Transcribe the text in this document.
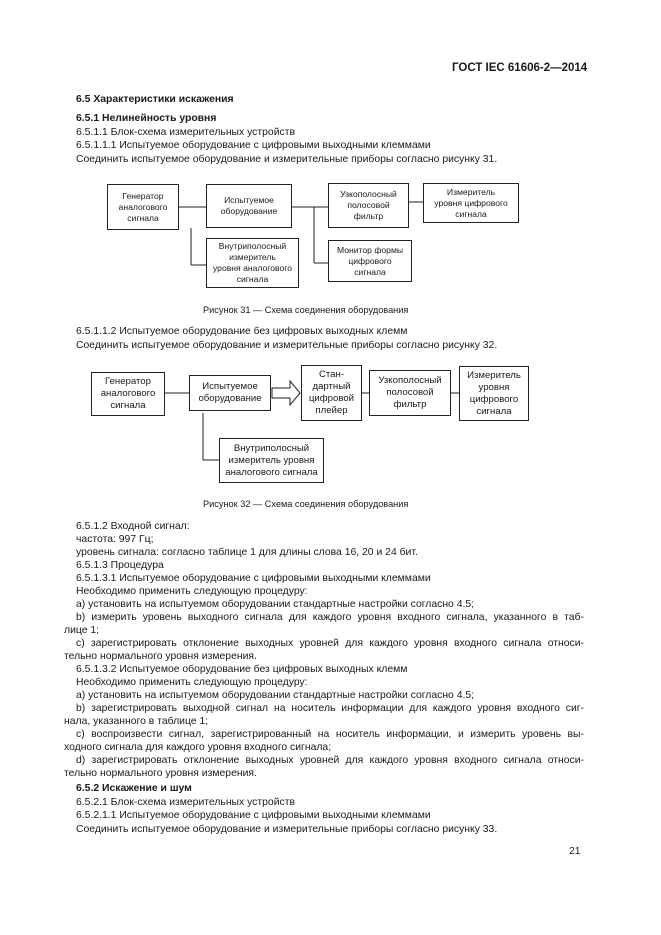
ГОСТ IEC 61606-2—2014
6.5 Характеристики искажения
6.5.1 Нелинейность уровня
6.5.1.1 Блок-схема измерительных устройств
6.5.1.1.1 Испытуемое оборудование с цифровыми выходными клеммами
Соединить испытуемое оборудование и измерительные приборы согласно рисунку 31.
Генератор
аналогового
сигнала
Испытуемое
оборудование
Узкополосный
полосовой
фильтр
Измеритель
уровня цифрового
сигнала
Внутриполосный
измеритель
уровня аналогового
сигнала
Монитор формы
цифрового
сигнала
Рисунок 31 — Схема соединения оборудования
6.5.1.1.2 Испытуемое оборудование без цифровых выходных клемм
Соединить испытуемое оборудование и измерительные приборы согласно рисунку 32.
Генератор
аналогового
сигнала
Испытуемое
оборудование
Стан-
дартный
цифровой
плейер
Узкополосный
полосовой
фильтр
Измеритель
уровня
цифрового
сигнала
Внутриполосный
измеритель уровня
аналогового сигнала
Рисунок 32 — Схема соединения оборудования
6.5.1.2 Входной сигнал:
частота: 997 Гц;
уровень сигнала: согласно таблице 1 для длины слова 16, 20 и 24 бит.
6.5.1.3 Процедура
6.5.1.3.1 Испытуемое оборудование с цифровыми выходными клеммами
Необходимо применить следующую процедуру:
a) установить на испытуемом оборудовании стандартные настройки согласно 4.5;
b) измерить уровень выходного сигнала для каждого уровня входного сигнала, указанного в таб-
лице 1;
c) зарегистрировать отклонение выходных уровней для каждого уровня входного сигнала относи-
тельно нормального уровня измерения.
6.5.1.3.2 Испытуемое оборудование без цифровых выходных клемм
Необходимо применить следующую процедуру:
a) установить на испытуемом оборудовании стандартные настройки согласно 4.5;
b) зарегистрировать выходной сигнал на носитель информации для каждого уровня входного сиг-
нала, указанного в таблице 1;
c) воспроизвести сигнал, зарегистрированный на носитель информации, и измерить уровень вы-
ходного сигнала для каждого уровня входного сигнала;
d) зарегистрировать отклонение выходных уровней для каждого уровня входного сигнала относи-
тельно нормального уровня измерения.
6.5.2 Искажение и шум
6.5.2.1 Блок-схема измерительных устройств
6.5.2.1.1 Испытуемое оборудование с цифровыми выходными клеммами
Соединить испытуемое оборудование и измерительные приборы согласно рисунку 33.
21
